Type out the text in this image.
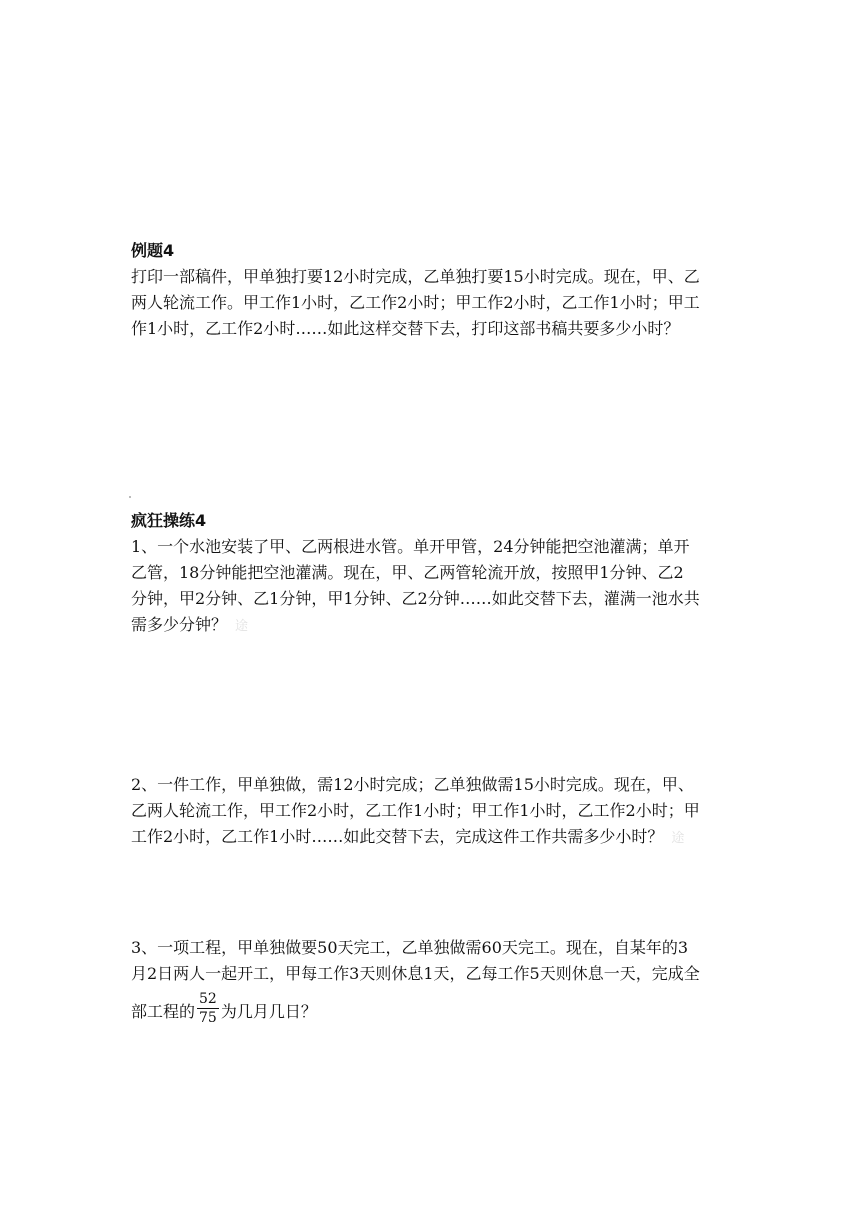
例题4
打印一部稿件，甲单独打要12小时完成，乙单独打要15小时完成。现在，甲、乙
两人轮流工作。甲工作1小时，乙工作2小时；甲工作2小时，乙工作1小时；甲工
作1小时，乙工作2小时……如此这样交替下去，打印这部书稿共要多少小时？
疯狂操练4
1、一个水池安装了甲、乙两根进水管。单开甲管，24分钟能把空池灌满；单开
乙管，18分钟能把空池灌满。现在，甲、乙两管轮流开放，按照甲1分钟、乙2
分钟，甲2分钟、乙1分钟，甲1分钟、乙2分钟……如此交替下去，灌满一池水共
需多少分钟？ 途
2、一件工作，甲单独做，需12小时完成；乙单独做需15小时完成。现在，甲、
乙两人轮流工作，甲工作2小时，乙工作1小时；甲工作1小时，乙工作2小时；甲
工作2小时，乙工作1小时……如此交替下去，完成这件工作共需多少小时？ 途
3、一项工程，甲单独做要50天完工，乙单独做需60天完工。现在，自某年的3
月2日两人一起开工，甲每工作3天则休息1天，乙每工作5天则休息一天，完成全
部工程的 $\frac{52}{75}$ 为几月几日？
